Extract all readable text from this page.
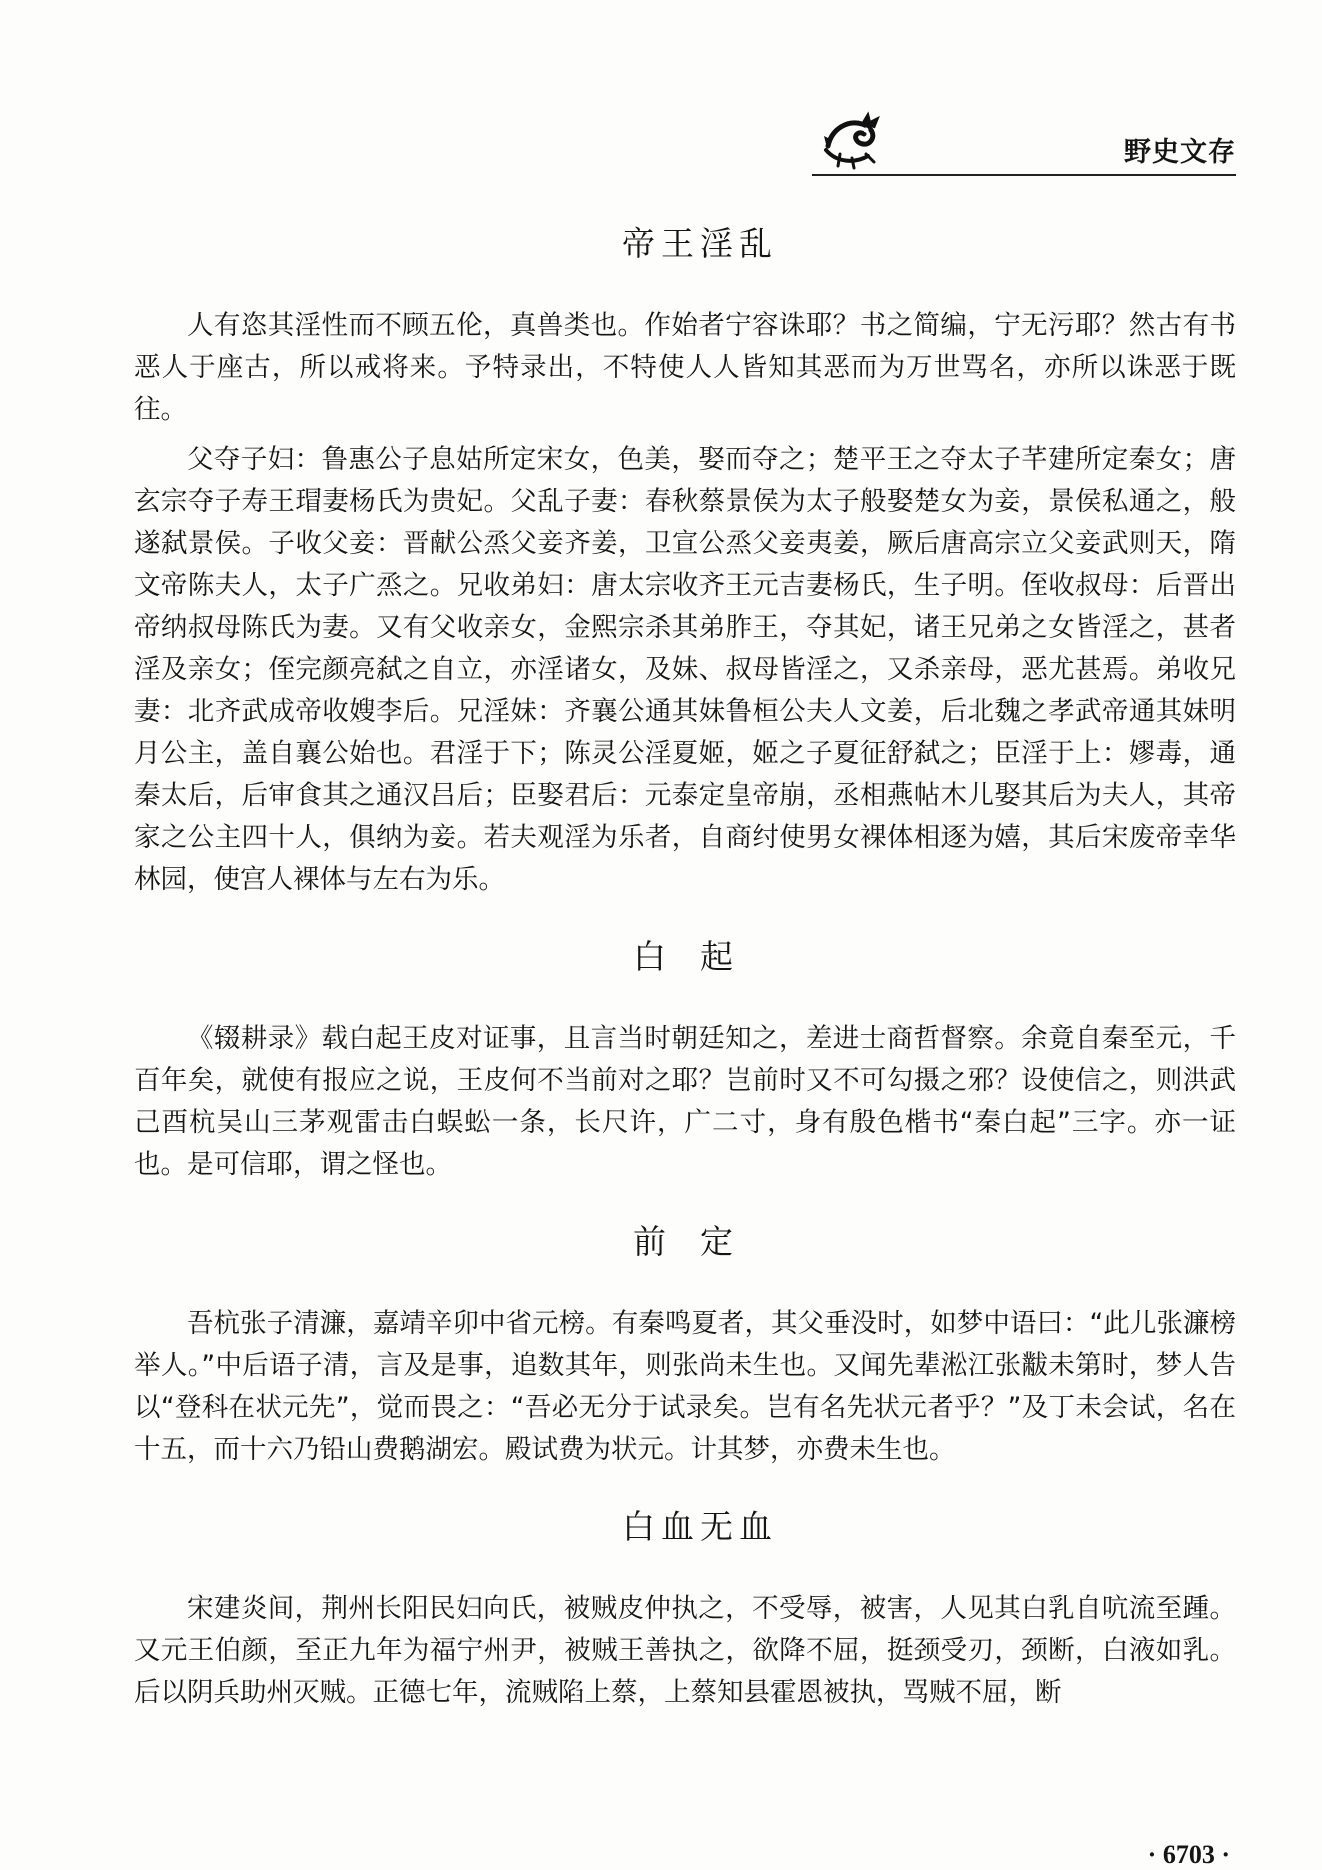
野史文存
帝王淫乱

人有恣其淫性而不顾五伦，真兽类也。作始者宁容诛耶？书之简编，宁无污耶？然古有书恶人于座古，所以戒将来。予特录出，不特使人人皆知其恶而为万世骂名，亦所以诛恶于既往。

父夺子妇：鲁惠公子息姑所定宋女，色美，娶而夺之；楚平王之夺太子芊建所定秦女；唐玄宗夺子寿王瑁妻杨氏为贵妃。父乱子妻：春秋蔡景侯为太子般娶楚女为妾，景侯私通之，般遂弑景侯。子收父妾：晋献公烝父妾齐姜，卫宣公烝父妾夷姜，厥后唐高宗立父妾武则天，隋文帝陈夫人，太子广烝之。兄收弟妇：唐太宗收齐王元吉妻杨氏，生子明。侄收叔母：后晋出帝纳叔母陈氏为妻。又有父收亲女，金熙宗杀其弟胙王，夺其妃，诸王兄弟之女皆淫之，甚者淫及亲女；侄完颜亮弑之自立，亦淫诸女，及妹、叔母皆淫之，又杀亲母，恶尤甚焉。弟收兄妻：北齐武成帝收嫂李后。兄淫妹：齐襄公通其妹鲁桓公夫人文姜，后北魏之孝武帝通其妹明月公主，盖自襄公始也。君淫于下；陈灵公淫夏姬，姬之子夏征舒弑之；臣淫于上：嫪毒，通秦太后，后审食其之通汉吕后；臣娶君后：元泰定皇帝崩，丞相燕帖木儿娶其后为夫人，其帝家之公主四十人，俱纳为妾。若夫观淫为乐者，自商纣使男女裸体相逐为嬉，其后宋废帝幸华林园，使宫人裸体与左右为乐。

白起

《辍耕录》载白起王皮对证事，且言当时朝廷知之，差进士商哲督察。余竟自秦至元，千百年矣，就使有报应之说，王皮何不当前对之耶？岂前时又不可勾摄之邪？设使信之，则洪武己酉杭吴山三茅观雷击白蜈蚣一条，长尺许，广二寸，身有殷色楷书“秦白起”三字。亦一证也。是可信耶，谓之怪也。

前定

吾杭张子清濂，嘉靖辛卯中省元榜。有秦鸣夏者，其父垂没时，如梦中语曰：“此儿张濂榜举人。”中后语子清，言及是事，追数其年，则张尚未生也。又闻先辈淞江张黻未第时，梦人告以“登科在状元先”，觉而畏之：“吾必无分于试录矣。岂有名先状元者乎？”及丁未会试，名在十五，而十六乃铅山费鹅湖宏。殿试费为状元。计其梦，亦费未生也。

白血无血

宋建炎间，荆州长阳民妇向氏，被贼皮仲执之，不受辱，被害，人见其白乳自吭流至踵。又元王伯颜，至正九年为福宁州尹，被贼王善执之，欲降不屈，挺颈受刃，颈断，白液如乳。后以阴兵助州灭贼。正德七年，流贼陷上蔡，上蔡知县霍恩被执，骂贼不屈，断

· 6703 ·
